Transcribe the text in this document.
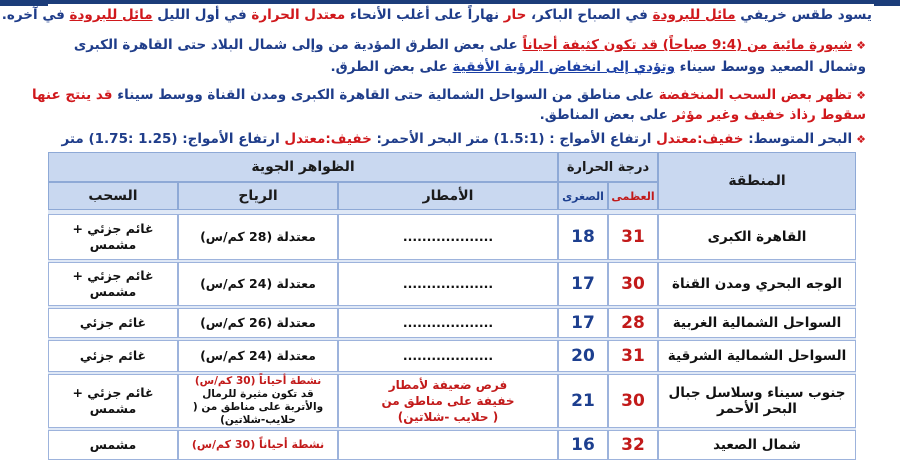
يسود طقس خريفي مائل للبرودة في الصباح الباكر، حار نهاراً على أغلب الأنحاء معتدل الحرارة في أول الليل مائل للبرودة في آخره.
❖شبورة مائية من (9:4 صباحاً) قد تكون كثيفة أحياناً على بعض الطرق المؤدية من وإلى شمال البلاد حتى القاهرة الكبرى
وشمال الصعيد ووسط سيناء وتؤدي إلى انخفاض الرؤية الأفقية على بعض الطرق.
❖تظهر بعض السحب المنخفضة على مناطق من السواحل الشمالية حتى القاهرة الكبرى ومدن القناة ووسط سيناء قد ينتج عنها
سقوط رذاذ خفيف وغير مؤثر على بعض المناطق.
❖البحر المتوسط: خفيف:معتدل ارتفاع الأمواج : (1.5:1) متر البحر الأحمر: خفيف:معتدل ارتفاع الأمواج: (1.25 :1.75) متر
المنطقة
درجة الحرارة
العظمى
الصغرى
الظواهر الجوية
الأمطار
الرياح
السحب
القاهرة الكبرى
31
18
...................
معتدلة (28 كم/س)
غائم جزئي + مشمس
الوجه البحري ومدن القناة
30
17
...................
معتدلة (24 كم/س)
غائم جزئي + مشمس
السواحل الشمالية الغربية
28
17
...................
معتدلة (26 كم/س)
غائم جزئي
السواحل الشمالية الشرقية
31
20
...................
معتدلة (24 كم/س)
غائم جزئي
جنوب سيناء وسلاسل جبال البحر الأحمر
30
21
فرص ضعيفة لأمطار خفيفة على مناطق من ( حلايب -شلاتين)
نشطة أحياناً (30 كم/س)
قد تكون مثيرة للرمال والأتربة على مناطق من ( حلايب-شلاتين)
غائم جزئي + مشمس
شمال الصعيد
32
16
نشطة أحياناً (30 كم/س)
مشمس
